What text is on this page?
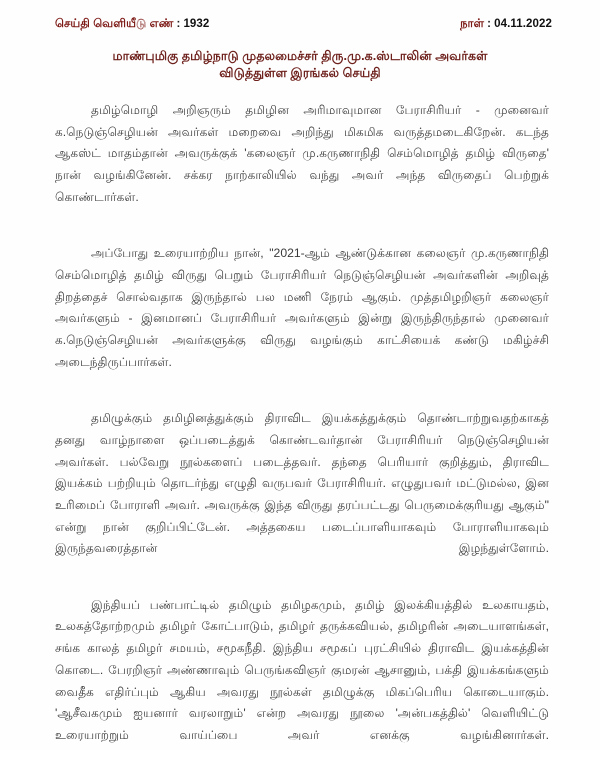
செய்தி வெளியீடு எண் : 1932	நாள் : 04.11.2022
மாண்புமிகு தமிழ்நாடு முதலமைச்சர் திரு.மு.க.ஸ்டாலின் அவர்கள்
விடுத்துள்ள இரங்கல் செய்தி

தமிழ்மொழி அறிஞரும் தமிழின அரிமாவுமான பேராசிரியர் - முனைவர் க.நெடுஞ்செழியன் அவர்கள் மறைவை அறிந்து மிகமிக வருத்தமடைகிறேன். கடந்த ஆகஸ்ட் மாதம்தான் அவருக்குக் 'கலைஞர் மு.கருணாநிதி செம்மொழித் தமிழ் விருதை' நான் வழங்கினேன். சக்கர நாற்காலியில் வந்து அவர் அந்த விருதைப் பெற்றுக் கொண்டார்கள்.

அப்போது உரையாற்றிய நான், "2021-ஆம் ஆண்டுக்கான கலைஞர் மு.கருணாநிதி செம்மொழித் தமிழ் விருது பெறும் பேராசிரியர் நெடுஞ்செழியன் அவர்களின் அறிவுத் திறத்தைச் சொல்வதாக இருந்தால் பல மணி நேரம் ஆகும். முத்தமிழறிஞர் கலைஞர் அவர்களும் - இனமானப் பேராசிரியர் அவர்களும் இன்று இருந்திருந்தால் முனைவர் க.நெடுஞ்செழியன் அவர்களுக்கு விருது வழங்கும் காட்சியைக் கண்டு மகிழ்ச்சி அடைந்திருப்பார்கள்.

தமிழுக்கும் தமிழினத்துக்கும் திராவிட இயக்கத்துக்கும் தொண்டாற்றுவதற்காகத் தனது வாழ்நாளை ஒப்படைத்துக் கொண்டவர்தான் பேராசிரியர் நெடுஞ்செழியன் அவர்கள். பல்வேறு நூல்களைப் படைத்தவர். தந்தை பெரியார் குறித்தும், திராவிட இயக்கம் பற்றியும் தொடர்ந்து எழுதி வருபவர் பேராசிரியர். எழுதுபவர் மட்டுமல்ல, இன உரிமைப் போராளி அவர். அவருக்கு இந்த விருது தரப்பட்டது பெருமைக்குரியது ஆகும்" என்று நான் குறிப்பிட்டேன். அத்தகைய படைப்பாளியாகவும் போராளியாகவும் இருந்தவரைத்தான் இழந்துள்ளோம்.

இந்தியப் பண்பாட்டில் தமிழும் தமிழகமும், தமிழ் இலக்கியத்தில் உலகாயதம், உலகத்தோற்றமும் தமிழர் கோட்பாடும், தமிழர் தருக்கவியல், தமிழரின் அடையாளங்கள், சங்க காலத் தமிழர் சமயம், சமூகநீதி. இந்திய சமூகப் புரட்சியில் திராவிட இயக்கத்தின் கொடை. பேரறிஞர் அண்ணாவும் பெருங்கவிஞர் குமரன் ஆசானும், பக்தி இயக்கங்களும் வைதீக எதிர்ப்பும் ஆகிய அவரது நூல்கள் தமிழுக்கு மிகப்பெரிய கொடையாகும். 'ஆசீவகமும் ஐயனார் வரலாறும்' என்ற அவரது நூலை 'அன்பகத்தில்' வெளியிட்டு உரையாற்றும் வாய்ப்பை அவர் எனக்கு வழங்கினார்கள்.
